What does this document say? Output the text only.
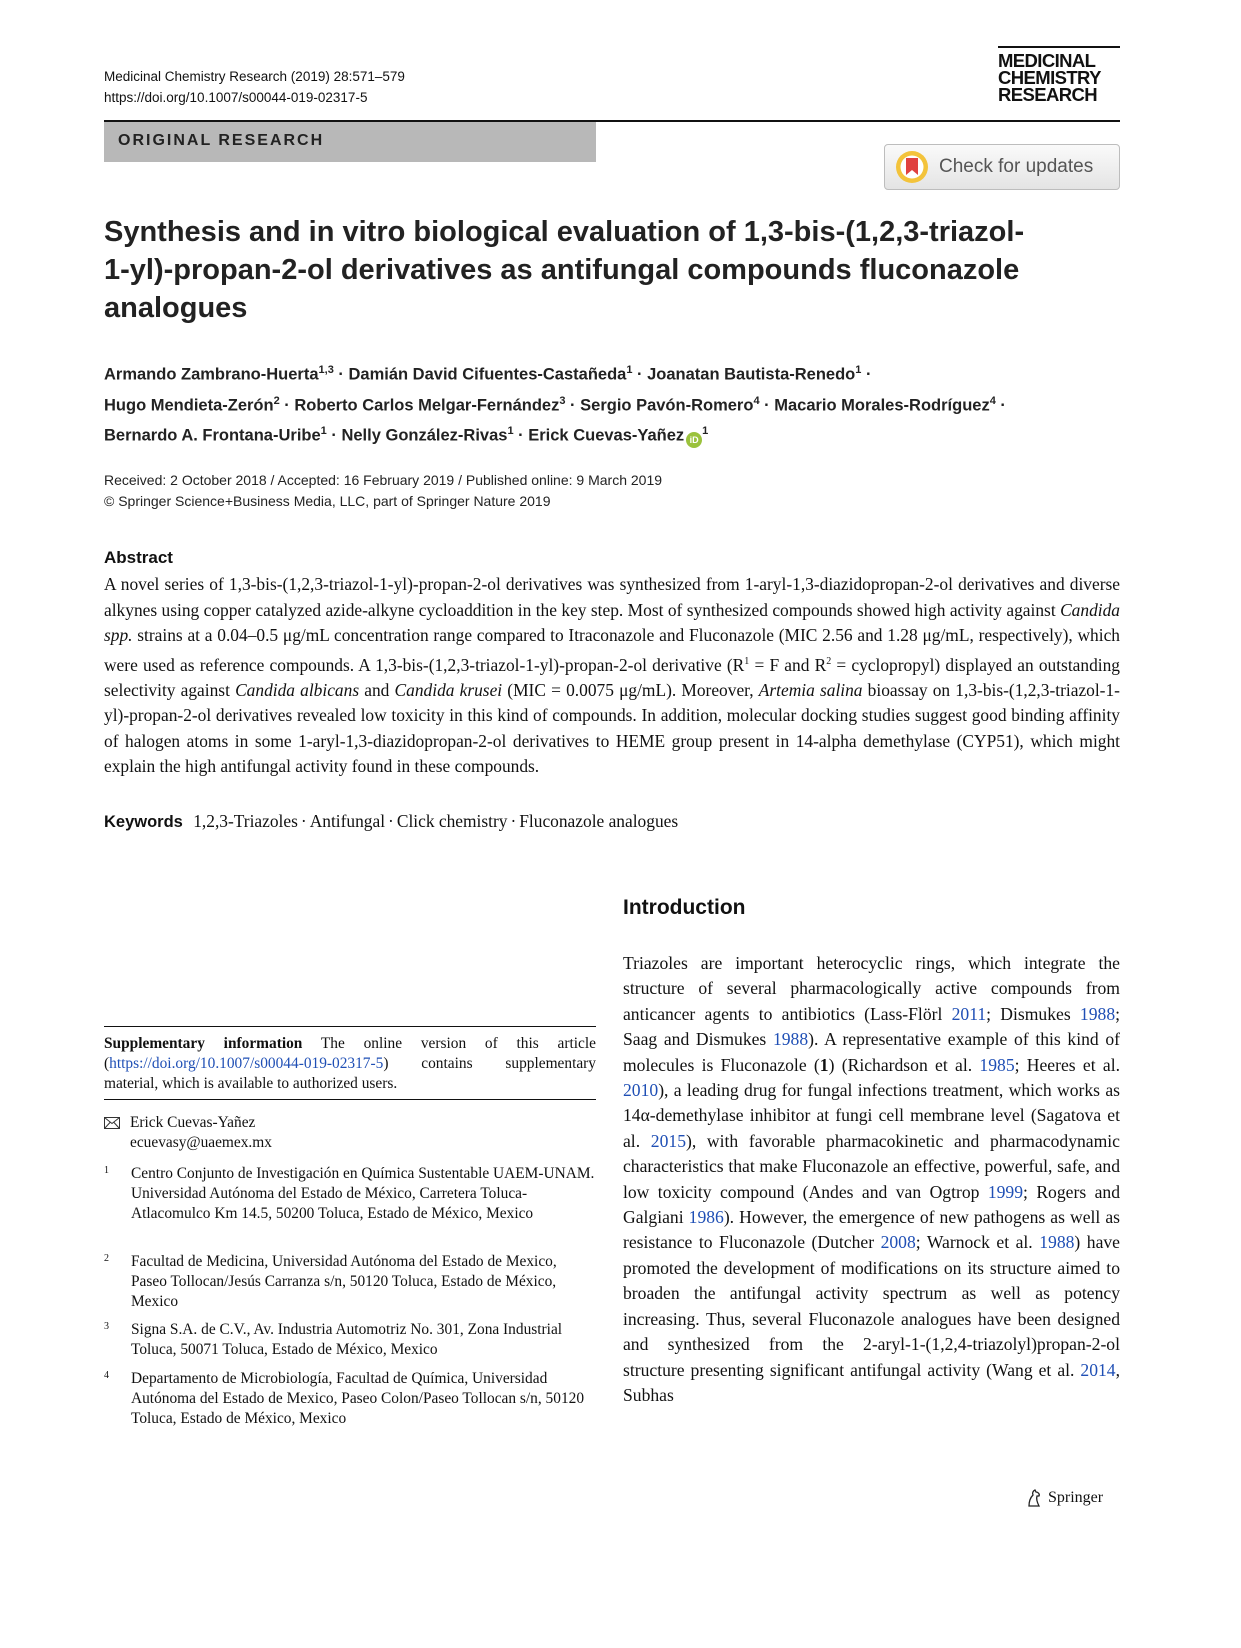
Medicinal Chemistry Research (2019) 28:571–579
https://doi.org/10.1007/s00044-019-02317-5
MEDICINAL
CHEMISTRY
RESEARCH
ORIGINAL RESEARCH
Check for updates
Synthesis and in vitro biological evaluation of 1,3-bis-(1,2,3-triazol-1-yl)-propan-2-ol derivatives as antifungal compounds fluconazole analogues
Armando Zambrano-Huerta$^{1,3}$ · Damián David Cifuentes-Castañeda$^1$ · Joanatan Bautista-Renedo$^1$ ·
Hugo Mendieta-Zerón$^2$ · Roberto Carlos Melgar-Fernández$^3$ · Sergio Pavón-Romero$^4$ · Macario Morales-Rodríguez$^4$ ·
Bernardo A. Frontana-Uribe$^1$ · Nelly González-Rivas$^1$ · Erick Cuevas-Yañez $iD^1$
Received: 2 October 2018 / Accepted: 16 February 2019 / Published online: 9 March 2019
© Springer Science+Business Media, LLC, part of Springer Nature 2019
Abstract
A novel series of 1,3-bis-(1,2,3-triazol-1-yl)-propan-2-ol derivatives was synthesized from 1-aryl-1,3-diazidopropan-2-ol derivatives and diverse alkynes using copper catalyzed azide-alkyne cycloaddition in the key step. Most of synthesized compounds showed high activity against Candida spp. strains at a 0.04–0.5 μg/mL concentration range compared to Itraconazole and Fluconazole (MIC 2.56 and 1.28 μg/mL, respectively), which were used as reference compounds. A 1,3-bis-(1,2,3-triazol-1-yl)-propan-2-ol derivative ($R^1 = F$ and $R^2$ = cyclopropyl) displayed an outstanding selectivity against Candida albicans and Candida krusei (MIC = 0.0075 μg/mL). Moreover, Artemia salina bioassay on 1,3-bis-(1,2,3-triazol-1-yl)-propan-2-ol derivatives revealed low toxicity in this kind of compounds. In addition, molecular docking studies suggest good binding affinity of halogen atoms in some 1-aryl-1,3-diazidopropan-2-ol derivatives to HEME group present in 14-alpha demethylase (CYP51), which might explain the high antifungal activity found in these compounds.
Keywords 1,2,3-Triazoles · Antifungal · Click chemistry · Fluconazole analogues
Supplementary information The online version of this article (https://doi.org/10.1007/s00044-019-02317-5) contains supplementary material, which is available to authorized users.
Erick Cuevas-Yañez
ecuevasy@uaemex.mx
1 Centro Conjunto de Investigación en Química Sustentable UAEM-UNAM. Universidad Autónoma del Estado de México, Carretera Toluca-Atlacomulco Km 14.5, 50200 Toluca, Estado de México, Mexico
2 Facultad de Medicina, Universidad Autónoma del Estado de Mexico, Paseo Tollocan/Jesús Carranza s/n, 50120 Toluca, Estado de México, Mexico
3 Signa S.A. de C.V., Av. Industria Automotriz No. 301, Zona Industrial Toluca, 50071 Toluca, Estado de México, Mexico
4 Departamento de Microbiología, Facultad de Química, Universidad Autónoma del Estado de Mexico, Paseo Colon/Paseo Tollocan s/n, 50120 Toluca, Estado de México, Mexico
Introduction
Triazoles are important heterocyclic rings, which integrate the structure of several pharmacologically active compounds from anticancer agents to antibiotics (Lass-Flörl 2011; Dismukes 1988; Saag and Dismukes 1988). A representative example of this kind of molecules is Fluconazole (1) (Richardson et al. 1985; Heeres et al. 2010), a leading drug for fungal infections treatment, which works as 14α-demethylase inhibitor at fungi cell membrane level (Sagatova et al. 2015), with favorable pharmacokinetic and pharmacodynamic characteristics that make Fluconazole an effective, powerful, safe, and low toxicity compound (Andes and van Ogtrop 1999; Rogers and Galgiani 1986). However, the emergence of new pathogens as well as resistance to Fluconazole (Dutcher 2008; Warnock et al. 1988) have promoted the development of modifications on its structure aimed to broaden the antifungal activity spectrum as well as potency increasing. Thus, several Fluconazole analogues have been designed and synthesized from the 2-aryl-1-(1,2,4-triazolyl)propan-2-ol structure presenting significant antifungal activity (Wang et al. 2014, Subhas
Springer
